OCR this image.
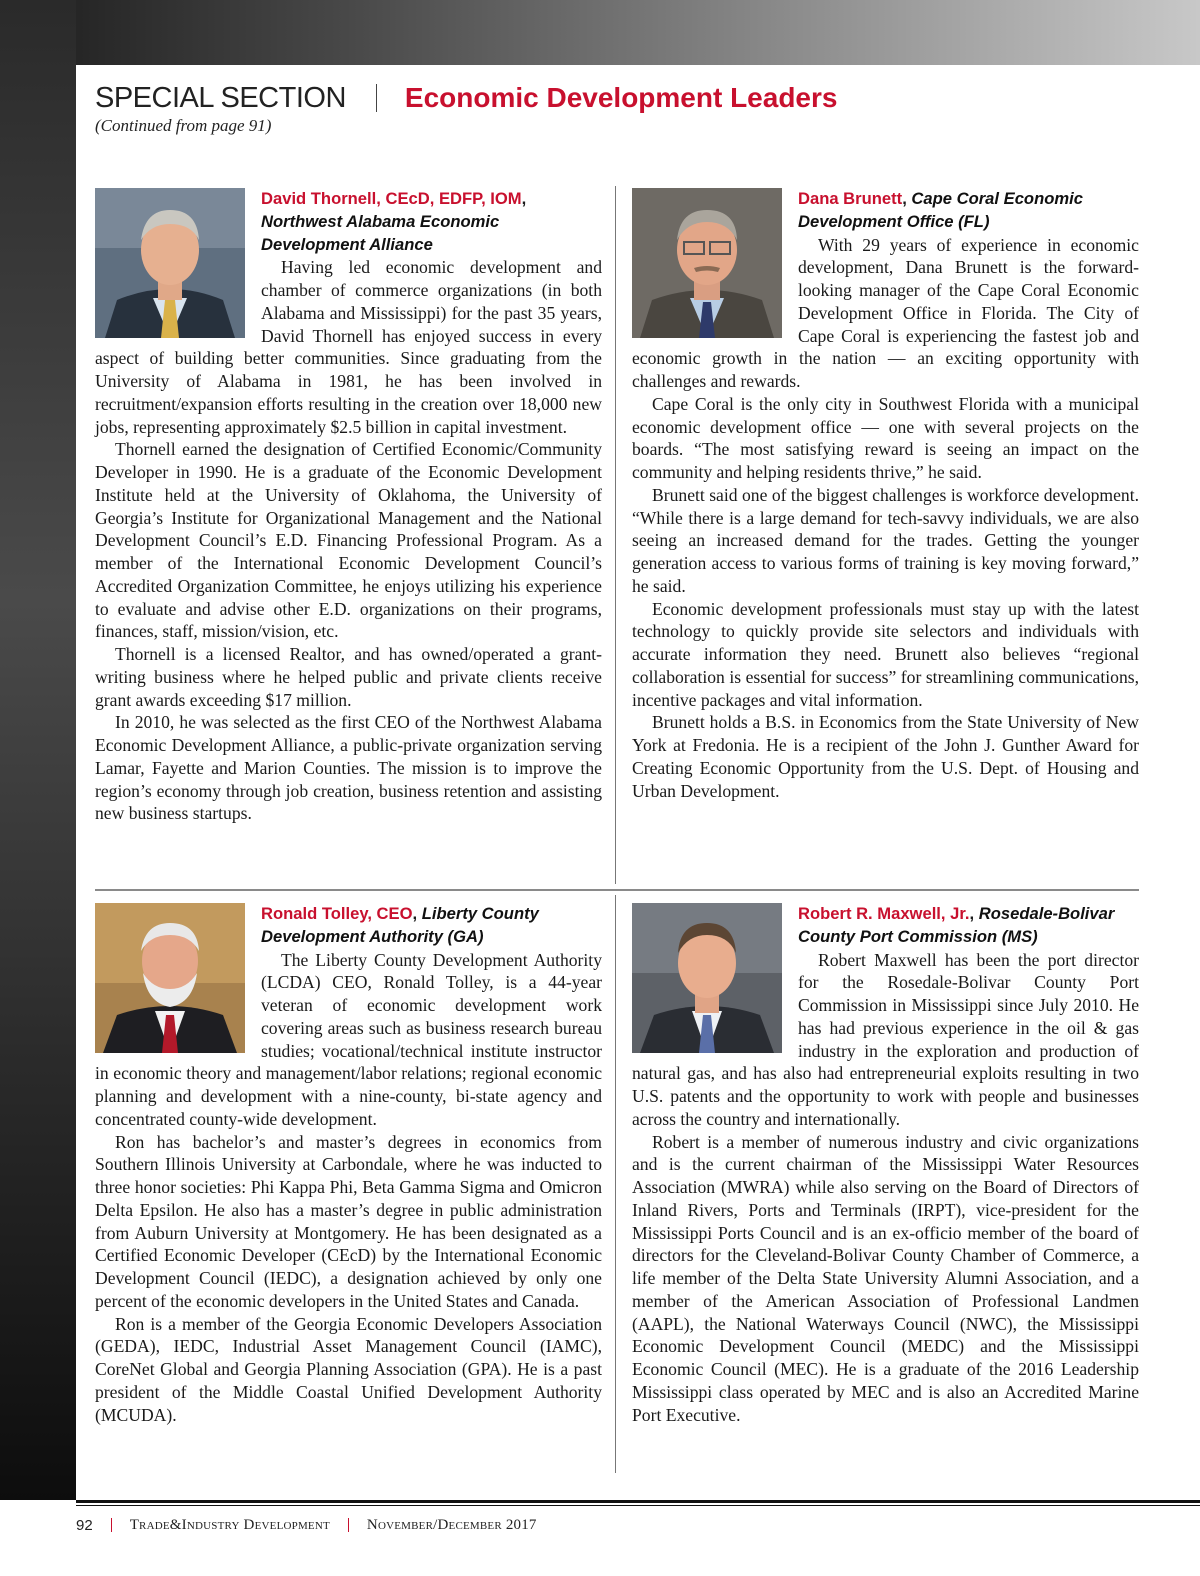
SPECIAL SECTION Economic Development Leaders
(Continued from page 91)
David Thornell, CEcD, EDFP, IOM,
Northwest Alabama Economic Development Alliance

Having led economic development and chamber of commerce organizations (in both Alabama and Mississippi) for the past 35 years, David Thornell has enjoyed success in every aspect of building better communities. Since graduating from the University of Alabama in 1981, he has been involved in recruitment/expansion efforts resulting in the creation over 18,000 new jobs, representing approximately $2.5 billion in capital investment.

Thornell earned the designation of Certified Economic/Community Developer in 1990. He is a graduate of the Economic Development Institute held at the University of Oklahoma, the University of Georgia’s Institute for Organizational Management and the National Development Council’s E.D. Financing Professional Program. As a member of the International Economic Development Council’s Accredited Organization Committee, he enjoys utilizing his experience to evaluate and advise other E.D. organizations on their programs, finances, staff, mission/vision, etc.

Thornell is a licensed Realtor, and has owned/operated a grant-writing business where he helped public and private clients receive grant awards exceeding $17 million.

In 2010, he was selected as the first CEO of the Northwest Alabama Economic Development Alliance, a public-private organization serving Lamar, Fayette and Marion Counties. The mission is to improve the region’s economy through job creation, business retention and assisting new business startups.

Dana Brunett, Cape Coral Economic Development Office (FL)

With 29 years of experience in economic development, Dana Brunett is the forward-looking manager of the Cape Coral Economic Development Office in Florida. The City of Cape Coral is experiencing the fastest job and economic growth in the nation — an exciting opportunity with challenges and rewards.

Cape Coral is the only city in Southwest Florida with a municipal economic development office — one with several projects on the boards. “The most satisfying reward is seeing an impact on the community and helping residents thrive,” he said.

Brunett said one of the biggest challenges is workforce development. “While there is a large demand for tech-savvy individuals, we are also seeing an increased demand for the trades. Getting the younger generation access to various forms of training is key moving forward,” he said.

Economic development professionals must stay up with the latest technology to quickly provide site selectors and individuals with accurate information they need. Brunett also believes “regional collaboration is essential for success” for streamlining communications, incentive packages and vital information.

Brunett holds a B.S. in Economics from the State University of New York at Fredonia. He is a recipient of the John J. Gunther Award for Creating Economic Opportunity from the U.S. Dept. of Housing and Urban Development.

Ronald Tolley, CEO, Liberty County Development Authority (GA)

The Liberty County Development Authority (LCDA) CEO, Ronald Tolley, is a 44-year veteran of economic development work covering areas such as business research bureau studies; vocational/technical institute instructor in economic theory and management/labor relations; regional economic planning and development with a nine-county, bi-state agency and concentrated county-wide development.

Ron has bachelor’s and master’s degrees in economics from Southern Illinois University at Carbondale, where he was inducted to three honor societies: Phi Kappa Phi, Beta Gamma Sigma and Omicron Delta Epsilon. He also has a master’s degree in public administration from Auburn University at Montgomery. He has been designated as a Certified Economic Developer (CEcD) by the International Economic Development Council (IEDC), a designation achieved by only one percent of the economic developers in the United States and Canada.

Ron is a member of the Georgia Economic Developers Association (GEDA), IEDC, Industrial Asset Management Council (IAMC), CoreNet Global and Georgia Planning Association (GPA). He is a past president of the Middle Coastal Unified Development Authority (MCUDA).

Robert R. Maxwell, Jr., Rosedale-Bolivar County Port Commission (MS)

Robert Maxwell has been the port director for the Rosedale-Bolivar County Port Commission in Mississippi since July 2010. He has had previous experience in the oil & gas industry in the exploration and production of natural gas, and has also had entrepreneurial exploits resulting in two U.S. patents and the opportunity to work with people and businesses across the country and internationally.

Robert is a member of numerous industry and civic organizations and is the current chairman of the Mississippi Water Resources Association (MWRA) while also serving on the Board of Directors of Inland Rivers, Ports and Terminals (IRPT), vice-president for the Mississippi Ports Council and is an ex-officio member of the board of directors for the Cleveland-Bolivar County Chamber of Commerce, a life member of the Delta State University Alumni Association, and a member of the American Association of Professional Landmen (AAPL), the National Waterways Council (NWC), the Mississippi Economic Development Council (MEDC) and the Mississippi Economic Council (MEC). He is a graduate of the 2016 Leadership Mississippi class operated by MEC and is also an Accredited Marine Port Executive.

92 Trade&Industry Development November/December 2017
